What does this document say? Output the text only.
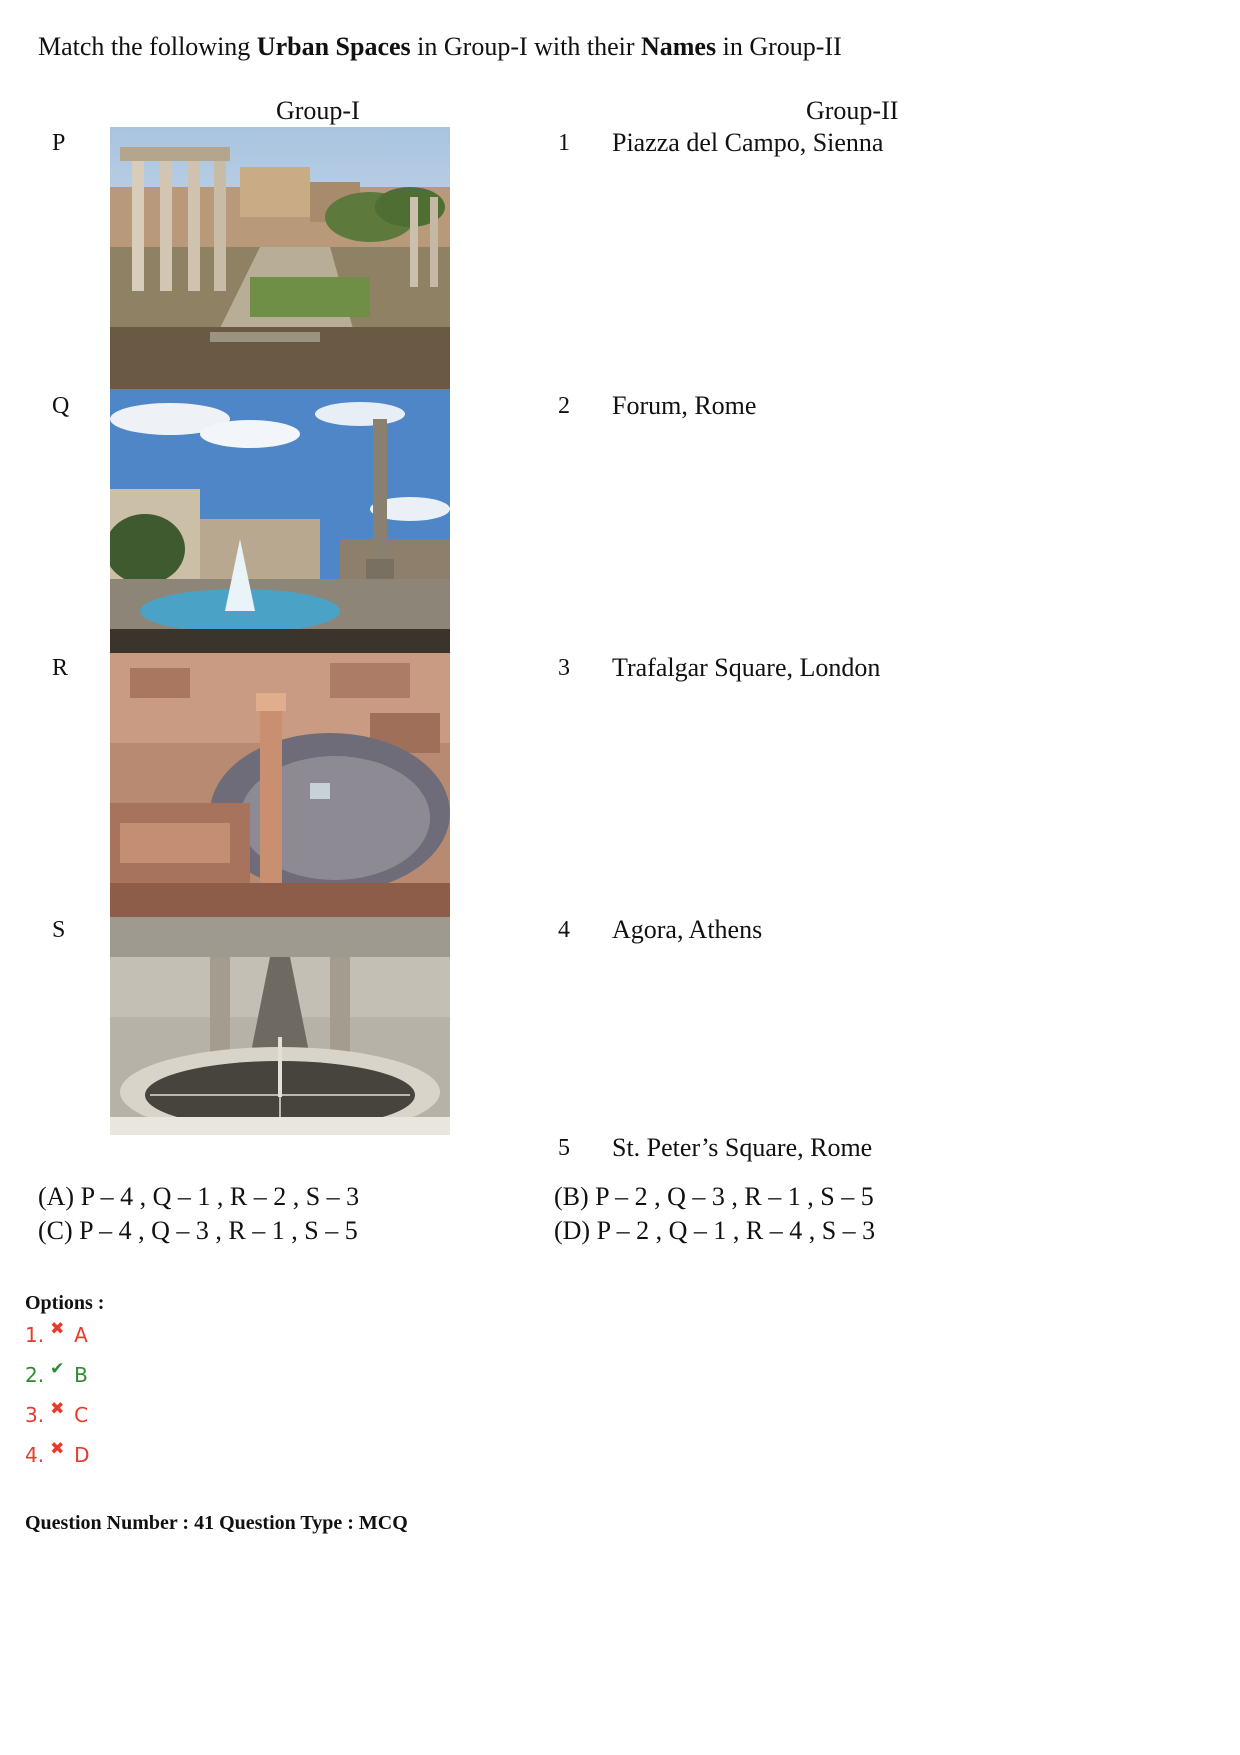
Match the following Urban Spaces in Group-I with their Names in Group-II
Group-I	Group-II
P
Q
R
S
1 Piazza del Campo, Sienna
2 Forum, Rome
3 Trafalgar Square, London
4 Agora, Athens
5 St. Peter’s Square, Rome
(A) P – 4 , Q – 1 , R – 2 , S – 3	(B) P – 2 , Q – 3 , R – 1 , S – 5
(C) P – 4 , Q – 3 , R – 1 , S – 5	(D) P – 2 , Q – 1 , R – 4 , S – 3
Options :
1. ✖ A
2. ✔ B
3. ✖ C
4. ✖ D
Question Number : 41 Question Type : MCQ
